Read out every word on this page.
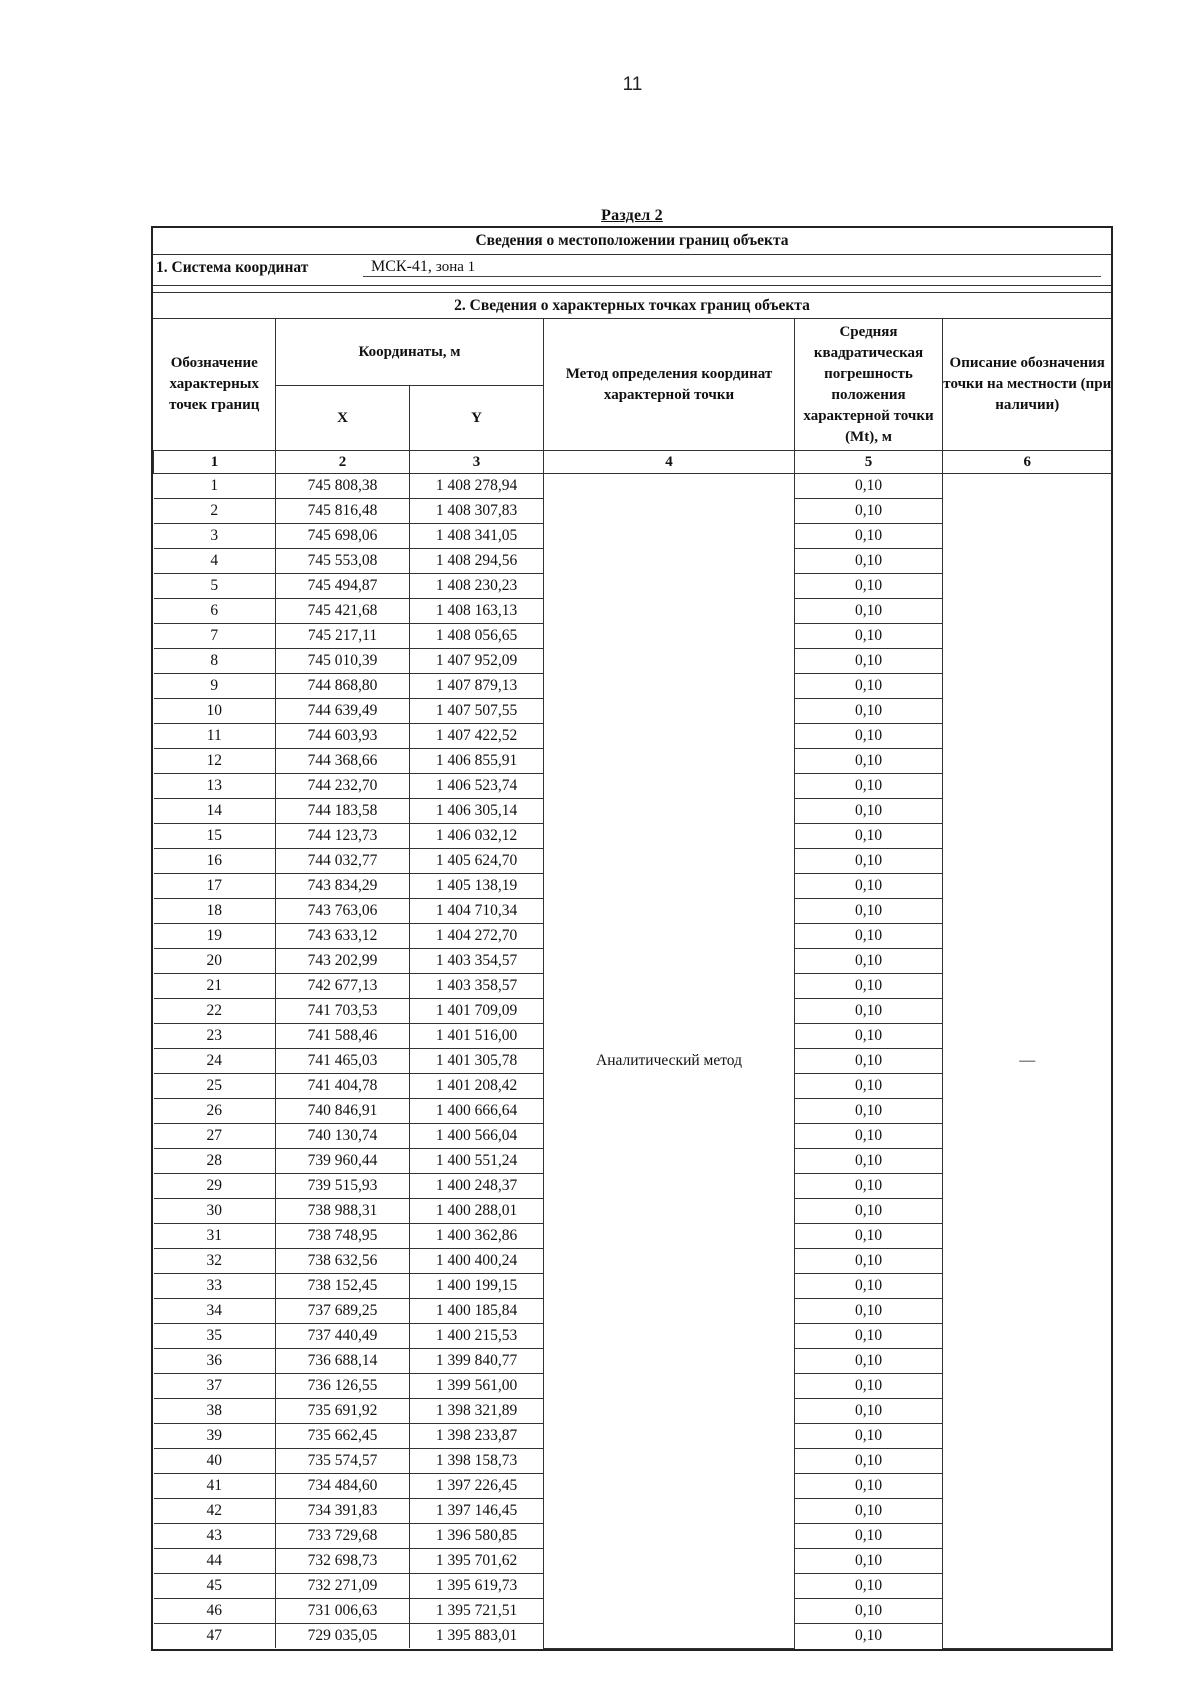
11
Раздел 2
Сведения о местоположении границ объекта
1. Система координат	МСК-41, зона 1
2. Сведения о характерных точках границ объекта
Обозначение характерных точек границ	Координаты, м		Метод определения координат характерной точки	Средняя квадратическая погрешность положения характерной точки (Mt), м	Описание обозначения точки на местности (при наличии)
	X	Y			
1	2	3	4	5	6
1	745 808,38	1 408 278,94	Аналитический метод	0,10	—
2	745 816,48	1 408 307,83		0,10	
3	745 698,06	1 408 341,05		0,10	
4	745 553,08	1 408 294,56		0,10	
5	745 494,87	1 408 230,23		0,10	
6	745 421,68	1 408 163,13		0,10	
7	745 217,11	1 408 056,65		0,10	
8	745 010,39	1 407 952,09		0,10	
9	744 868,80	1 407 879,13		0,10	
10	744 639,49	1 407 507,55		0,10	
11	744 603,93	1 407 422,52		0,10	
12	744 368,66	1 406 855,91		0,10	
13	744 232,70	1 406 523,74		0,10	
14	744 183,58	1 406 305,14		0,10	
15	744 123,73	1 406 032,12		0,10	
16	744 032,77	1 405 624,70		0,10	
17	743 834,29	1 405 138,19		0,10	
18	743 763,06	1 404 710,34		0,10	
19	743 633,12	1 404 272,70		0,10	
20	743 202,99	1 403 354,57		0,10	
21	742 677,13	1 403 358,57		0,10	
22	741 703,53	1 401 709,09		0,10	
23	741 588,46	1 401 516,00		0,10	
24	741 465,03	1 401 305,78		0,10	
25	741 404,78	1 401 208,42		0,10	
26	740 846,91	1 400 666,64		0,10	
27	740 130,74	1 400 566,04		0,10	
28	739 960,44	1 400 551,24		0,10	
29	739 515,93	1 400 248,37		0,10	
30	738 988,31	1 400 288,01		0,10	
31	738 748,95	1 400 362,86		0,10	
32	738 632,56	1 400 400,24		0,10	
33	738 152,45	1 400 199,15		0,10	
34	737 689,25	1 400 185,84		0,10	
35	737 440,49	1 400 215,53		0,10	
36	736 688,14	1 399 840,77		0,10	
37	736 126,55	1 399 561,00		0,10	
38	735 691,92	1 398 321,89		0,10	
39	735 662,45	1 398 233,87		0,10	
40	735 574,57	1 398 158,73		0,10	
41	734 484,60	1 397 226,45		0,10	
42	734 391,83	1 397 146,45		0,10	
43	733 729,68	1 396 580,85		0,10	
44	732 698,73	1 395 701,62		0,10	
45	732 271,09	1 395 619,73		0,10	
46	731 006,63	1 395 721,51		0,10	
47	729 035,05	1 395 883,01		0,10	
